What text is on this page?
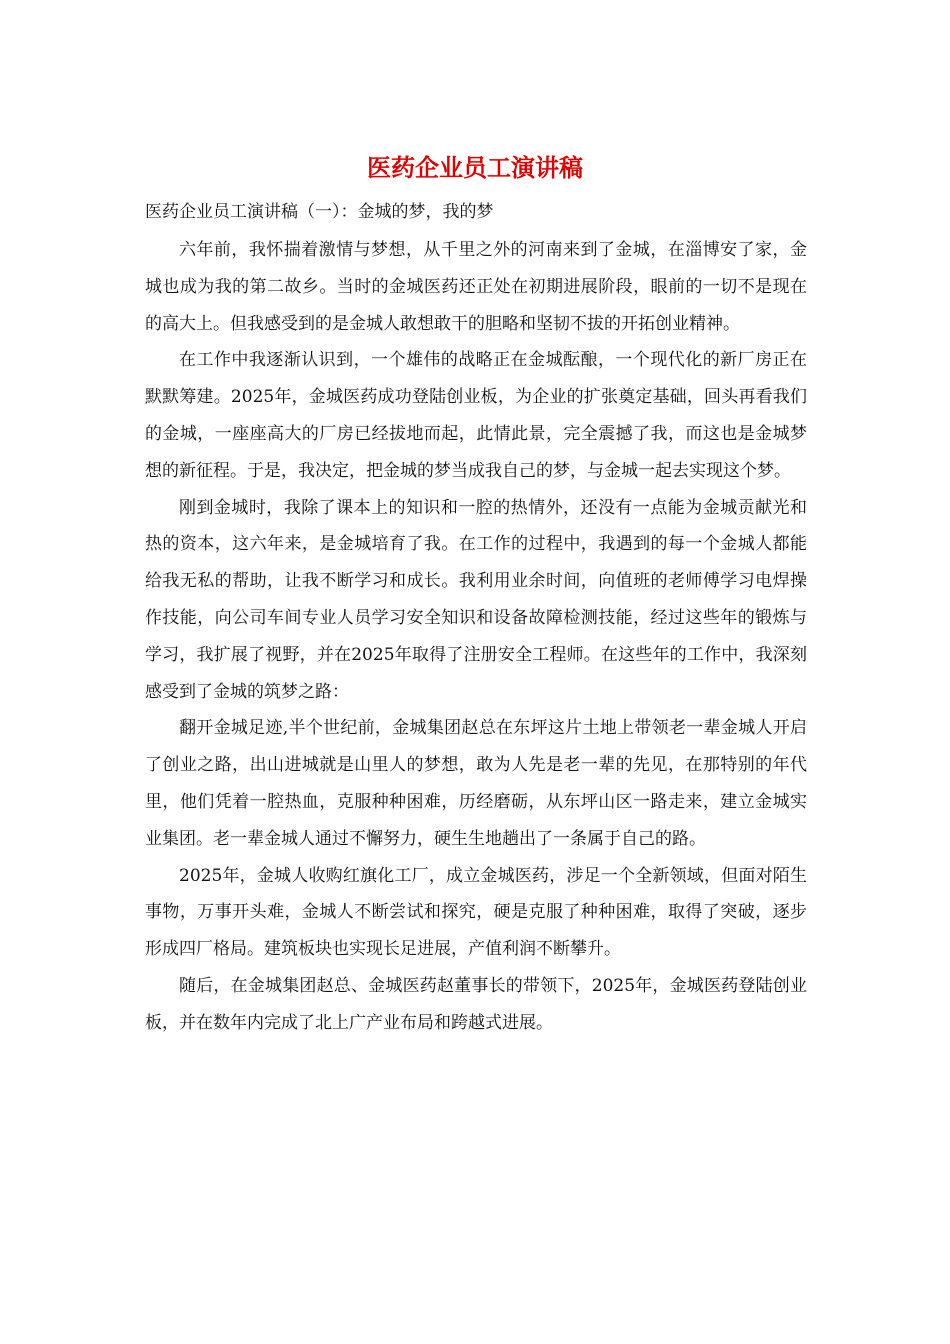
医药企业员工演讲稿
医药企业员工演讲稿（一）：金城的梦，我的梦

六年前，我怀揣着激情与梦想，从千里之外的河南来到了金城，在淄博安了家，金城也成为我的第二故乡。当时的金城医药还正处在初期进展阶段，眼前的一切不是现在的高大上。但我感受到的是金城人敢想敢干的胆略和坚韧不拔的开拓创业精神。

在工作中我逐渐认识到，一个雄伟的战略正在金城酝酿，一个现代化的新厂房正在默默筹建。2025年，金城医药成功登陆创业板，为企业的扩张奠定基础，回头再看我们的金城，一座座高大的厂房已经拔地而起，此情此景，完全震撼了我，而这也是金城梦想的新征程。于是，我决定，把金城的梦当成我自己的梦，与金城一起去实现这个梦。

刚到金城时，我除了课本上的知识和一腔的热情外，还没有一点能为金城贡献光和热的资本，这六年来，是金城培育了我。在工作的过程中，我遇到的每一个金城人都能给我无私的帮助，让我不断学习和成长。我利用业余时间，向值班的老师傅学习电焊操作技能，向公司车间专业人员学习安全知识和设备故障检测技能，经过这些年的锻炼与学习，我扩展了视野，并在2025年取得了注册安全工程师。在这些年的工作中，我深刻感受到了金城的筑梦之路：

翻开金城足迹,半个世纪前，金城集团赵总在东坪这片土地上带领老一辈金城人开启了创业之路，出山进城就是山里人的梦想，敢为人先是老一辈的先见，在那特别的年代里，他们凭着一腔热血，克服种种困难，历经磨砺，从东坪山区一路走来，建立金城实业集团。老一辈金城人通过不懈努力，硬生生地趟出了一条属于自己的路。

2025年，金城人收购红旗化工厂，成立金城医药，涉足一个全新领域，但面对陌生事物，万事开头难，金城人不断尝试和探究，硬是克服了种种困难，取得了突破，逐步形成四厂格局。建筑板块也实现长足进展，产值利润不断攀升。

随后，在金城集团赵总、金城医药赵董事长的带领下，2025年，金城医药登陆创业板，并在数年内完成了北上广产业布局和跨越式进展。
